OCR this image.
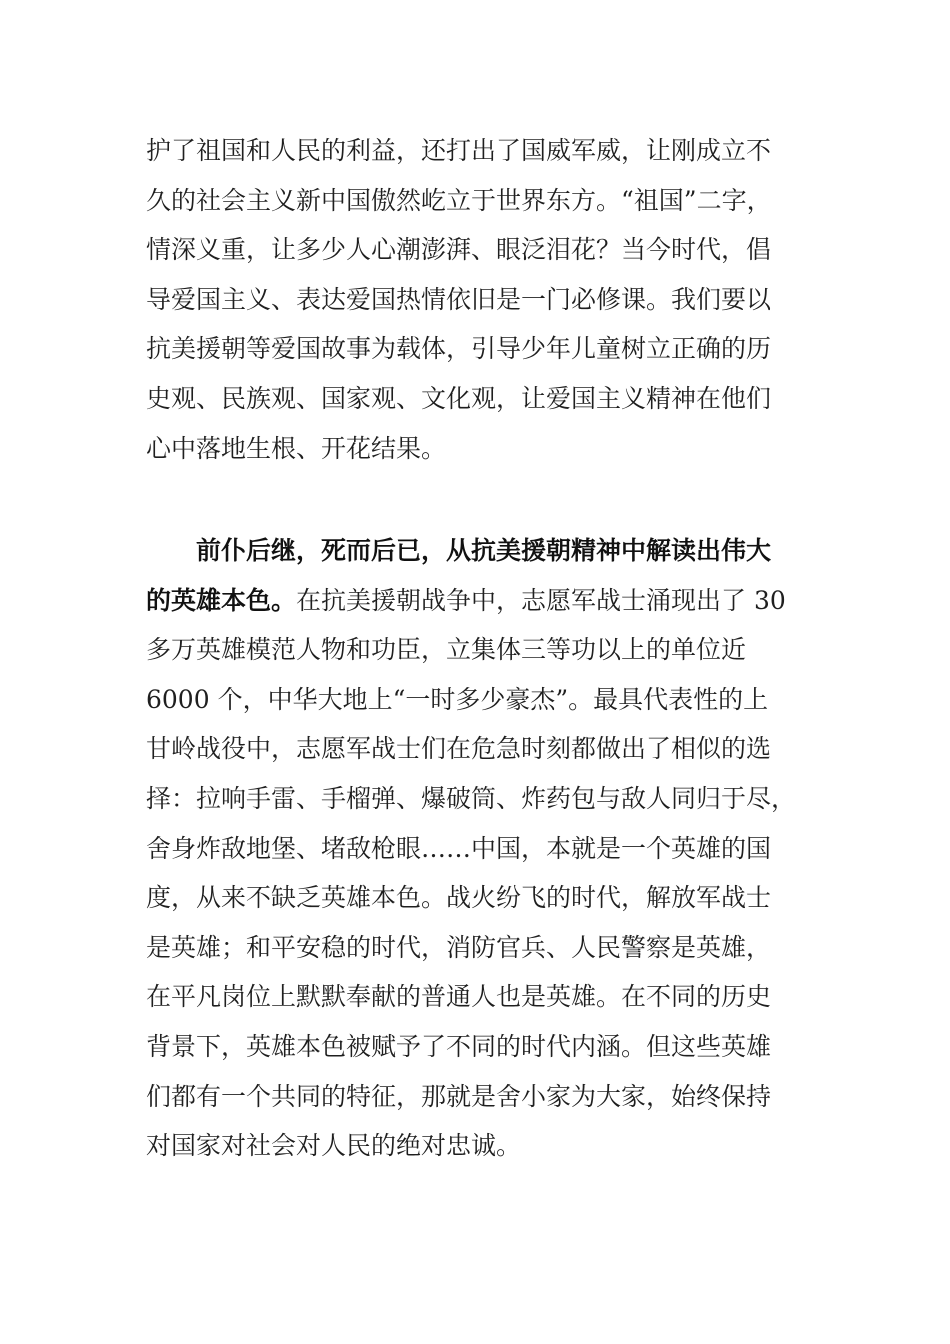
护了祖国和人民的利益，还打出了国威军威，让刚成立不
久的社会主义新中国傲然屹立于世界东方。“祖国”二字，
情深义重，让多少人心潮澎湃、眼泛泪花？当今时代，倡
导爱国主义、表达爱国热情依旧是一门必修课。我们要以
抗美援朝等爱国故事为载体，引导少年儿童树立正确的历
史观、民族观、国家观、文化观，让爱国主义精神在他们
心中落地生根、开花结果。

前仆后继，死而后已，从抗美援朝精神中解读出伟大
的英雄本色。在抗美援朝战争中，志愿军战士涌现出了 30
多万英雄模范人物和功臣，立集体三等功以上的单位近
6000 个，中华大地上“一时多少豪杰”。最具代表性的上
甘岭战役中，志愿军战士们在危急时刻都做出了相似的选
择：拉响手雷、手榴弹、爆破筒、炸药包与敌人同归于尽，
舍身炸敌地堡、堵敌枪眼……中国，本就是一个英雄的国
度，从来不缺乏英雄本色。战火纷飞的时代，解放军战士
是英雄；和平安稳的时代，消防官兵、人民警察是英雄，
在平凡岗位上默默奉献的普通人也是英雄。在不同的历史
背景下，英雄本色被赋予了不同的时代内涵。但这些英雄
们都有一个共同的特征，那就是舍小家为大家，始终保持
对国家对社会对人民的绝对忠诚。
